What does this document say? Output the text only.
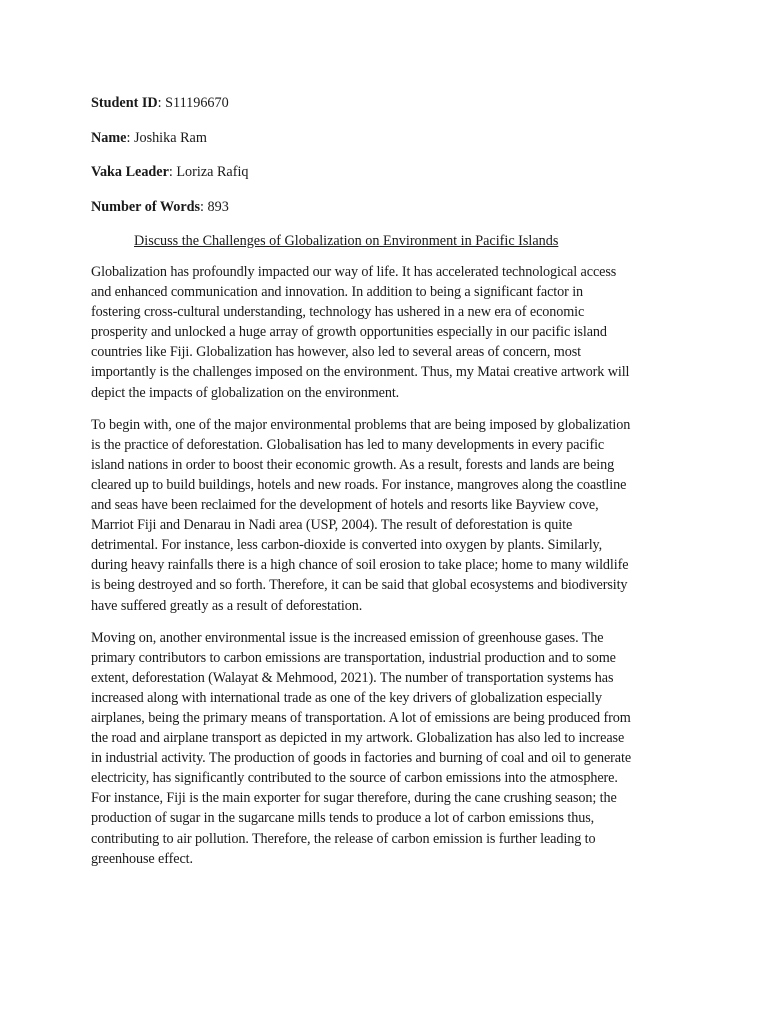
Student ID: S11196670
Name: Joshika Ram
Vaka Leader: Loriza Rafiq
Number of Words: 893
Discuss the Challenges of Globalization on Environment in Pacific Islands
Globalization has profoundly impacted our way of life. It has accelerated technological access
and enhanced communication and innovation. In addition to being a significant factor in
fostering cross-cultural understanding, technology has ushered in a new era of economic
prosperity and unlocked a huge array of growth opportunities especially in our pacific island
countries like Fiji. Globalization has however, also led to several areas of concern, most
importantly is the challenges imposed on the environment. Thus, my Matai creative artwork will
depict the impacts of globalization on the environment.
To begin with, one of the major environmental problems that are being imposed by globalization
is the practice of deforestation. Globalisation has led to many developments in every pacific
island nations in order to boost their economic growth. As a result, forests and lands are being
cleared up to build buildings, hotels and new roads. For instance, mangroves along the coastline
and seas have been reclaimed for the development of hotels and resorts like Bayview cove,
Marriot Fiji and Denarau in Nadi area (USP, 2004). The result of deforestation is quite
detrimental. For instance, less carbon-dioxide is converted into oxygen by plants. Similarly,
during heavy rainfalls there is a high chance of soil erosion to take place; home to many wildlife
is being destroyed and so forth. Therefore, it can be said that global ecosystems and biodiversity
have suffered greatly as a result of deforestation.
Moving on, another environmental issue is the increased emission of greenhouse gases. The
primary contributors to carbon emissions are transportation, industrial production and to some
extent, deforestation (Walayat & Mehmood, 2021). The number of transportation systems has
increased along with international trade as one of the key drivers of globalization especially
airplanes, being the primary means of transportation. A lot of emissions are being produced from
the road and airplane transport as depicted in my artwork. Globalization has also led to increase
in industrial activity. The production of goods in factories and burning of coal and oil to generate
electricity, has significantly contributed to the source of carbon emissions into the atmosphere.
For instance, Fiji is the main exporter for sugar therefore, during the cane crushing season; the
production of sugar in the sugarcane mills tends to produce a lot of carbon emissions thus,
contributing to air pollution. Therefore, the release of carbon emission is further leading to
greenhouse effect.
